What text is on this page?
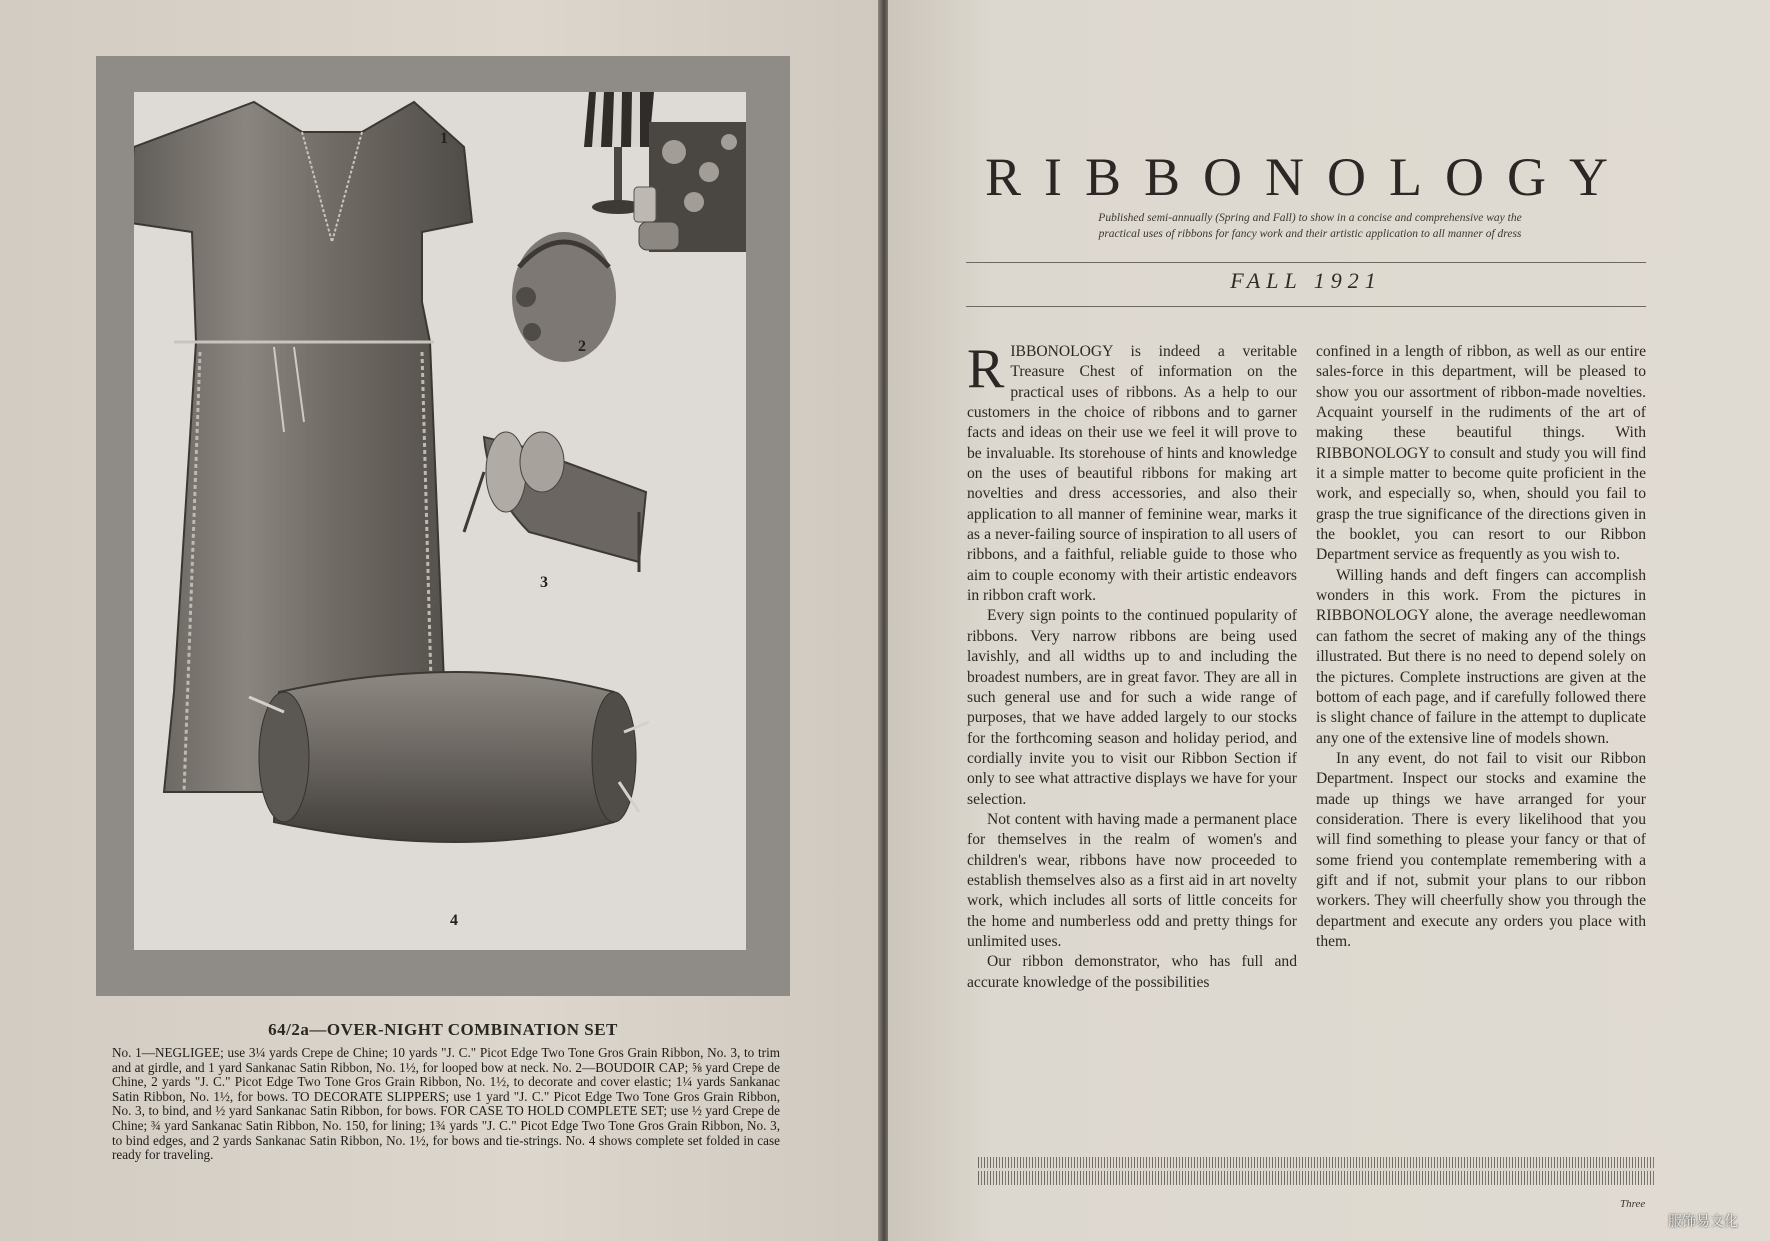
1
2
3
4
64/2a—OVER-NIGHT COMBINATION SET
No. 1—NEGLIGEE; use 3¼ yards Crepe de Chine; 10 yards "J. C." Picot Edge Two Tone Gros Grain Ribbon, No. 3, to trim and at girdle, and 1 yard Sankanac Satin Ribbon, No. 1½, for looped bow at neck. No. 2—BOUDOIR CAP; ⅝ yard Crepe de Chine, 2 yards "J. C." Picot Edge Two Tone Gros Grain Ribbon, No. 1½, to decorate and cover elastic; 1¼ yards Sankanac Satin Ribbon, No. 1½, for bows. TO DECORATE SLIPPERS; use 1 yard "J. C." Picot Edge Two Tone Gros Grain Ribbon, No. 3, to bind, and ½ yard Sankanac Satin Ribbon, for bows. FOR CASE TO HOLD COMPLETE SET; use ½ yard Crepe de Chine; ¾ yard Sankanac Satin Ribbon, No. 150, for lining; 1¾ yards "J. C." Picot Edge Two Tone Gros Grain Ribbon, No. 3, to bind edges, and 2 yards Sankanac Satin Ribbon, No. 1½, for bows and tie-strings. No. 4 shows complete set folded in case ready for traveling.
RIBBONOLOGY
Published semi-annually (Spring and Fall) to show in a concise and comprehensive way the
practical uses of ribbons for fancy work and their artistic application to all manner of dress
FALL 1921

RIBBONOLOGY is indeed a veritable Treasure Chest of information on the practical uses of ribbons. As a help to our customers in the choice of ribbons and to garner facts and ideas on their use we feel it will prove to be invaluable. Its storehouse of hints and knowledge on the uses of beautiful ribbons for making art novelties and dress accessories, and also their application to all manner of feminine wear, marks it as a never-failing source of inspiration to all users of ribbons, and a faithful, reliable guide to those who aim to couple economy with their artistic endeavors in ribbon craft work.

Every sign points to the continued popularity of ribbons. Very narrow ribbons are being used lavishly, and all widths up to and including the broadest numbers, are in great favor. They are all in such general use and for such a wide range of purposes, that we have added largely to our stocks for the forthcoming season and holiday period, and cordially invite you to visit our Ribbon Section if only to see what attractive displays we have for your selection.

Not content with having made a permanent place for themselves in the realm of women's and children's wear, ribbons have now proceeded to establish themselves also as a first aid in art novelty work, which includes all sorts of little conceits for the home and numberless odd and pretty things for unlimited uses.

Our ribbon demonstrator, who has full and accurate knowledge of the possibilities

confined in a length of ribbon, as well as our entire sales-force in this department, will be pleased to show you our assortment of ribbon-made novelties. Acquaint yourself in the rudiments of the art of making these beautiful things. With RIBBONOLOGY to consult and study you will find it a simple matter to become quite proficient in the work, and especially so, when, should you fail to grasp the true significance of the directions given in the booklet, you can resort to our Ribbon Department service as frequently as you wish to.

Willing hands and deft fingers can accomplish wonders in this work. From the pictures in RIBBONOLOGY alone, the average needlewoman can fathom the secret of making any of the things illustrated. But there is no need to depend solely on the pictures. Complete instructions are given at the bottom of each page, and if carefully followed there is slight chance of failure in the attempt to duplicate any one of the extensive line of models shown.

In any event, do not fail to visit our Ribbon Department. Inspect our stocks and examine the made up things we have arranged for your consideration. There is every likelihood that you will find something to please your fancy or that of some friend you contemplate remembering with a gift and if not, submit your plans to our ribbon workers. They will cheerfully show you through the department and execute any orders you place with them.

Three
服饰易文化
